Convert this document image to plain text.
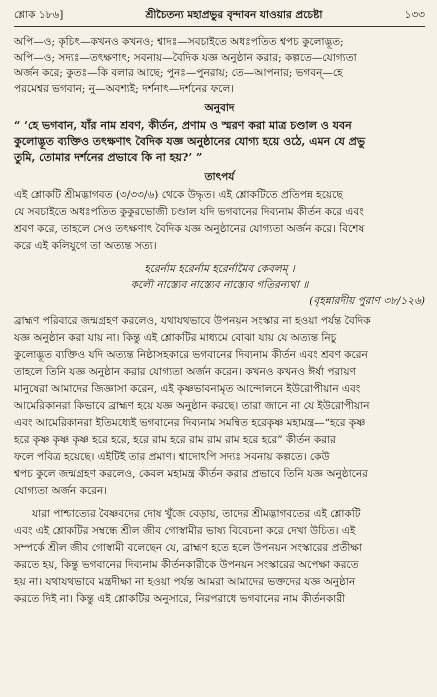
শ্লোক ১৮৬]	শ্রীচৈতন্য মহাপ্রভুর বৃন্দাবন যাওয়ার প্রচেষ্টা	১৩৩
অপি—ও; কৃচিৎ—কখনও কখনও; শ্বাদঃ—সবচাইতে অধঃপতিত শ্বপচ কুলোদ্ভূত;
অপি—ও; সদ্যঃ—তৎক্ষণাৎ; সবনায়—বৈদিক যজ্ঞ অনুষ্ঠান করার; কল্পতে—যোগ্যতা
অর্জন করে; কুতঃ—কি বলার আছে; পুনঃ—পুনরায়; তে—আপনার; ভগবন্—হে
পরমেশ্বর ভগবান; নু—অবশ্যই; দর্শনাৎ—দর্শনের ফলে।
অনুবাদ
“ ‘হে ভগবান, যাঁর নাম শ্রবণ, কীর্তন, প্রণাম ও স্মরণ করা মাত্র চণ্ডাল ও যবন
কুলোদ্ভূত ব্যক্তিও তৎক্ষণাৎ বৈদিক যজ্ঞ অনুষ্ঠানের যোগ্য হয়ে ওঠে, এমন যে প্রভু
তুমি, তোমার দর্শনের প্রভাবে কি না হয়?’ ”
তাৎপর্য
এই শ্লোকটি শ্রীমদ্ভাগবত (৩/৩৩/৬) থেকে উদ্ধৃত। এই শ্লোকটিতে প্রতিপন্ন হয়েছে
যে সবচাইতে অধঃপতিত কুকুরভোজী চণ্ডাল যদি ভগবানের দিব্যনাম কীর্তন করে এবং
শ্রবণ করে, তাহলে সেও তৎক্ষণাৎ বৈদিক যজ্ঞ অনুষ্ঠানের যোগ্যতা অর্জন করে। বিশেষ
করে এই কলিযুগে তা অত্যন্ত সত্য।
হরের্নাম হরের্নাম হরের্নামৈব কেবলম্ ।
কলৌ নাস্ত্যেব নাস্ত্যেব নাস্ত্যেব গতিরন্যথা ॥
(বৃহন্নারদীয় পুরাণ ৩৮/১২৬)
ব্রাহ্মণ পরিবারে জন্মগ্রহণ করলেও, যথাযথভাবে উপনয়ন সংস্কার না হওয়া পর্যন্ত বৈদিক
যজ্ঞ অনুষ্ঠান করা যায় না। কিন্তু এই শ্লোকটির মাধ্যমে বোঝা যায় যে অত্যন্ত নিচু
কুলোদ্ভূত ব্যক্তিও যদি অত্যন্ত নিষ্ঠাসহকারে ভগবানের দিব্যনাম কীর্তন এবং শ্রবণ করেন
তাহলে তিনি যজ্ঞ অনুষ্ঠান করার যোগ্যতা অর্জন করেন। কখনও কখনও ঈর্ষা পরায়ণ
মানুষেরা আমাদের জিজ্ঞাসা করেন, এই কৃষ্ণভাবনামৃত আন্দোলনে ইউরোপীয়ান এবং
আমেরিকানরা কিভাবে ব্রাহ্মণ হয়ে যজ্ঞ অনুষ্ঠান করছে। তারা জানে না যে ইউরোপীয়ান
এবং আমেরিকানরা ইতিমধ্যেই ভগবানের দিব্যনাম সমন্বিত হরেকৃষ্ণ মহামন্ত্র—“হরে কৃষ্ণ
হরে কৃষ্ণ কৃষ্ণ কৃষ্ণ হরে হরে, হরে রাম হরে রাম রাম রাম হরে হরে” কীর্তন করার
ফলে পবিত্র হয়েছে। এইটিই তার প্রমাণ। শ্বাদোঽপি সদ্যঃ সবনায় কল্পতে। কেউ
শ্বপচ কুলে জন্মগ্রহণ করলেও, কেবল মহামন্ত্র কীর্তন করার প্রভাবে তিনি যজ্ঞ অনুষ্ঠানের
যোগ্যতা অর্জন করেন।
যারা পাশ্চাত্যের বৈষ্ণবদের দোষ খুঁজে বেড়ায়, তাদের শ্রীমদ্ভাগবতের এই শ্লোকটি
এবং এই শ্লোকটির সম্বন্ধে শ্রীল জীব গোস্বামীর ভাষ্য বিবেচনা করে দেখা উচিত। এই
সম্পর্কে শ্রীল জীব গোস্বামী বলেছেন যে, ব্রাহ্মণ হতে হলে উপনয়ন সংস্কারের প্রতীক্ষা
করতে হয়, কিন্তু ভগবানের দিব্যনাম কীর্তনকারীকে উপনয়ন সংস্কারের অপেক্ষা করতে
হয় না। যথাযথভাবে মন্ত্রদীক্ষা না হওয়া পর্যন্ত আমরা আমাদের ভক্তদের যজ্ঞ অনুষ্ঠান
করতে দিই না। কিন্তু এই শ্লোকটির অনুসারে, নিরপরাধে ভগবানের নাম কীর্তনকারী
